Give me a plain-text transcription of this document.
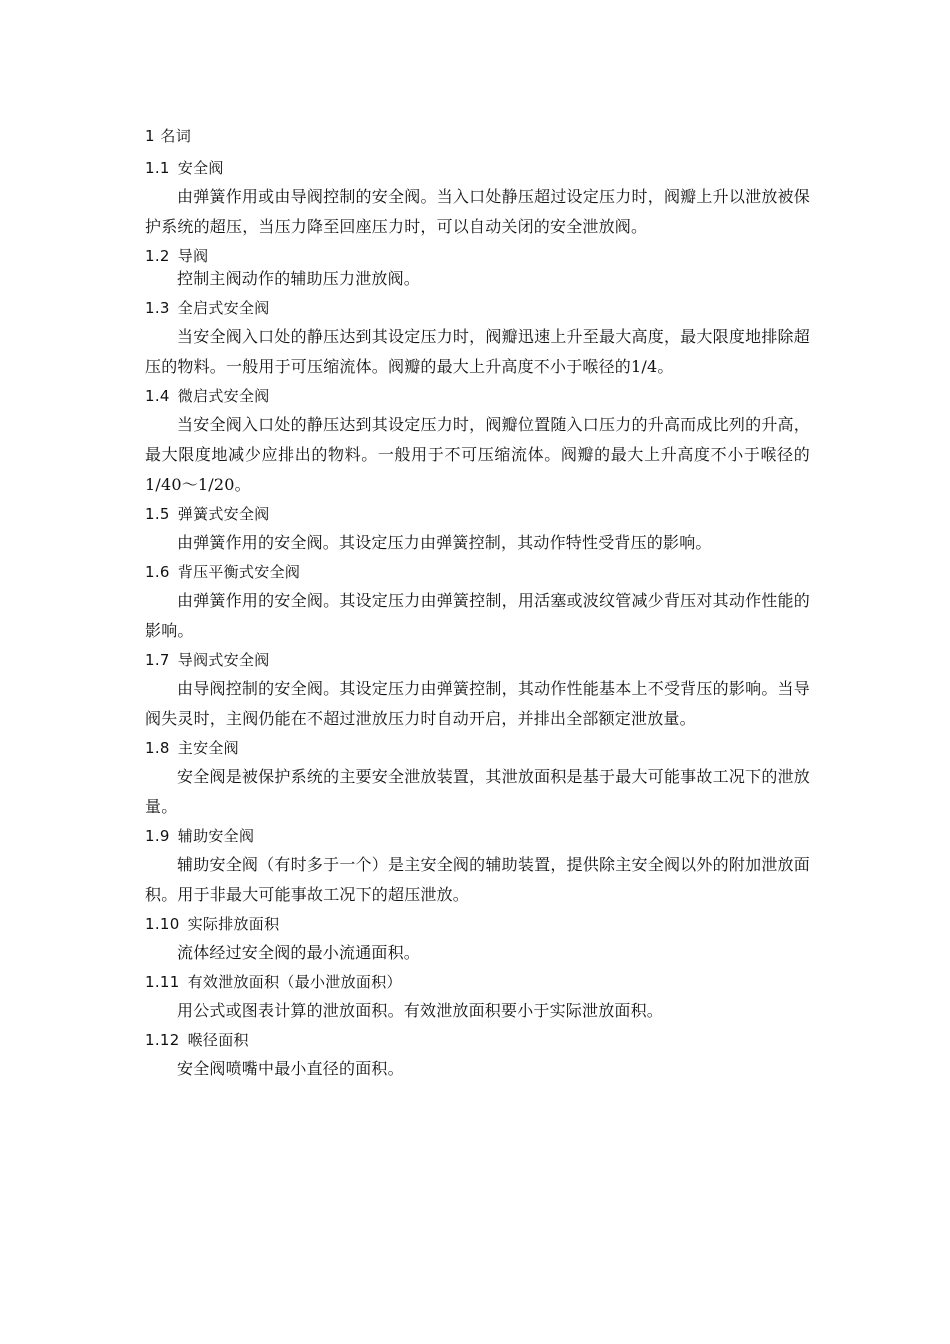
1 名词
1.1 安全阀

由弹簧作用或由导阀控制的安全阀。当入口处静压超过设定压力时，阀瓣上升以泄放被保护系统的超压，当压力降至回座压力时，可以自动关闭的安全泄放阀。

1.2 导阀

控制主阀动作的辅助压力泄放阀。

1.3 全启式安全阀

当安全阀入口处的静压达到其设定压力时，阀瓣迅速上升至最大高度，最大限度地排除超压的物料。一般用于可压缩流体。阀瓣的最大上升高度不小于喉径的1/4。

1.4 微启式安全阀

当安全阀入口处的静压达到其设定压力时，阀瓣位置随入口压力的升高而成比列的升高，最大限度地减少应排出的物料。一般用于不可压缩流体。阀瓣的最大上升高度不小于喉径的1/40～1/20。

1.5 弹簧式安全阀

由弹簧作用的安全阀。其设定压力由弹簧控制，其动作特性受背压的影响。

1.6 背压平衡式安全阀

由弹簧作用的安全阀。其设定压力由弹簧控制，用活塞或波纹管减少背压对其动作性能的影响。

1.7 导阀式安全阀

由导阀控制的安全阀。其设定压力由弹簧控制，其动作性能基本上不受背压的影响。当导阀失灵时，主阀仍能在不超过泄放压力时自动开启，并排出全部额定泄放量。

1.8 主安全阀

安全阀是被保护系统的主要安全泄放装置，其泄放面积是基于最大可能事故工况下的泄放量。

1.9 辅助安全阀

辅助安全阀（有时多于一个）是主安全阀的辅助装置，提供除主安全阀以外的附加泄放面积。用于非最大可能事故工况下的超压泄放。

1.10 实际排放面积

流体经过安全阀的最小流通面积。

1.11 有效泄放面积（最小泄放面积）

用公式或图表计算的泄放面积。有效泄放面积要小于实际泄放面积。

1.12 喉径面积

安全阀喷嘴中最小直径的面积。
